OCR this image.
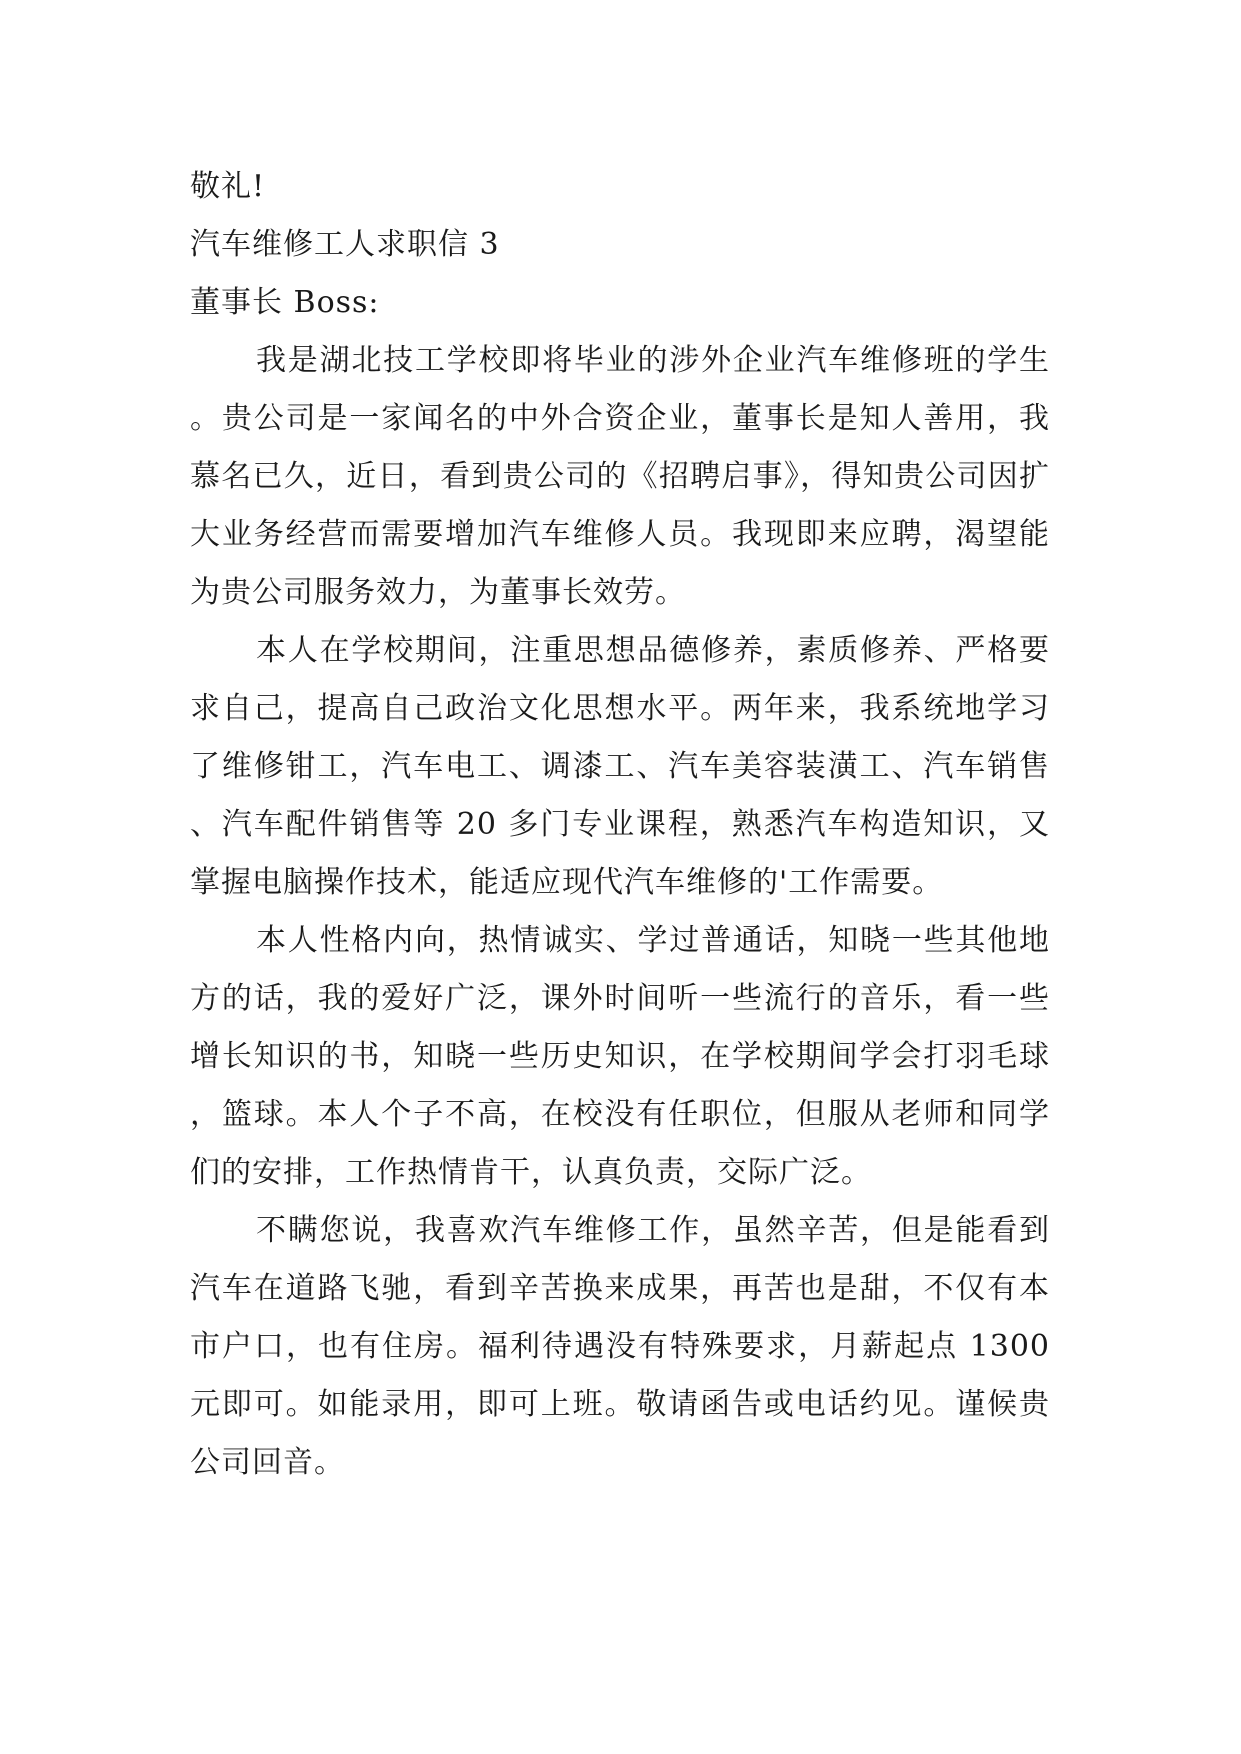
敬礼!

汽车维修工人求职信 3

董事长 Boss:

我是湖北技工学校即将毕业的涉外企业汽车维修班的学生。贵公司是一家闻名的中外合资企业，董事长是知人善用，我慕名已久，近日，看到贵公司的《招聘启事》，得知贵公司因扩大业务经营而需要增加汽车维修人员。我现即来应聘，渴望能为贵公司服务效力，为董事长效劳。

本人在学校期间，注重思想品德修养，素质修养、严格要求自己，提高自己政治文化思想水平。两年来，我系统地学习了维修钳工，汽车电工、调漆工、汽车美容装潢工、汽车销售、汽车配件销售等 20 多门专业课程，熟悉汽车构造知识，又掌握电脑操作技术，能适应现代汽车维修的'工作需要。

本人性格内向，热情诚实、学过普通话，知晓一些其他地方的话，我的爱好广泛，课外时间听一些流行的音乐，看一些增长知识的书，知晓一些历史知识，在学校期间学会打羽毛球，篮球。本人个子不高，在校没有任职位，但服从老师和同学们的安排，工作热情肯干，认真负责，交际广泛。

不瞒您说，我喜欢汽车维修工作，虽然辛苦，但是能看到汽车在道路飞驰，看到辛苦换来成果，再苦也是甜，不仅有本市户口，也有住房。福利待遇没有特殊要求，月薪起点 1300 元即可。如能录用，即可上班。敬请函告或电话约见。谨候贵公司回音。
